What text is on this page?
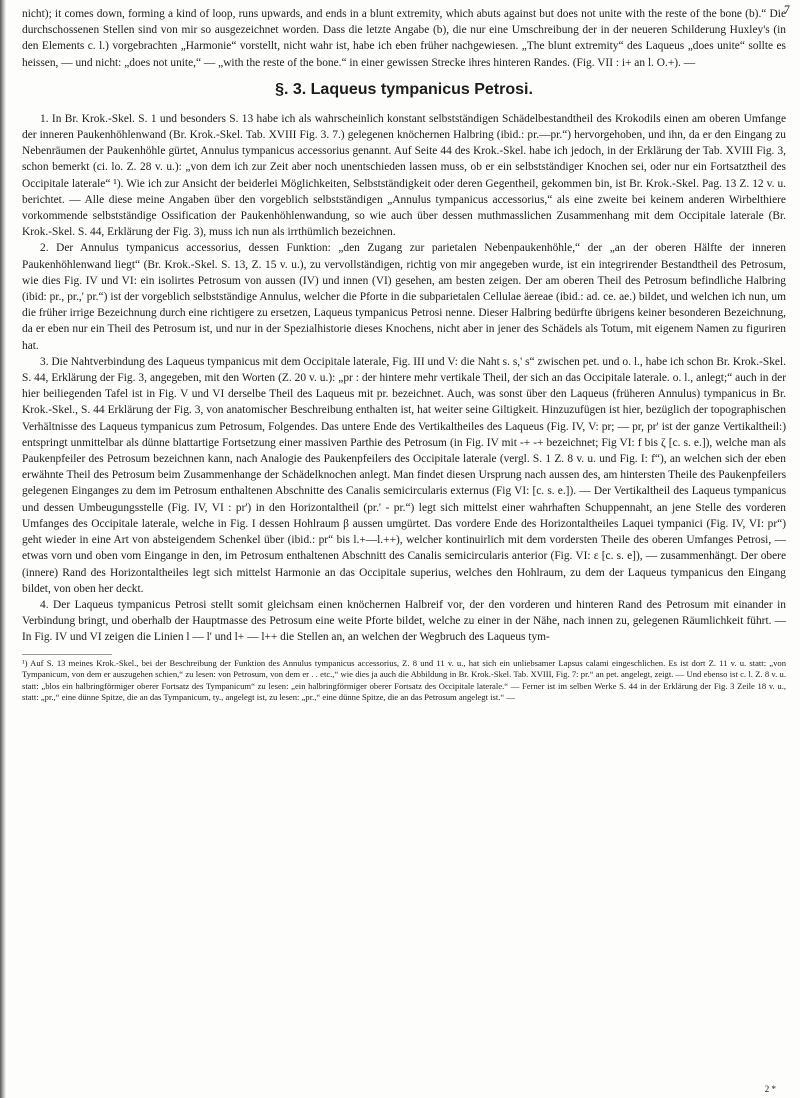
7

nicht); it comes down, forming a kind of loop, runs upwards, and ends in a blunt extremity, which abuts against but does not unite with the reste of the bone (b).“ Die durchschossenen Stellen sind von mir so ausgezeichnet worden. Dass die letzte Angabe (b), die nur eine Umschreibung der in der neueren Schilderung Huxley's (in den Elements c. l.) vorgebrachten „Harmonie“ vorstellt, nicht wahr ist, habe ich eben früher nachgewiesen. „The blunt extremity“ des Laqueus „does unite“ sollte es heissen, — und nicht: „does not unite,“ — „with the reste of the bone.“ in einer gewissen Strecke ihres hinteren Randes. (Fig. VII : i+ an l. O.+). —

§. 3. Laqueus tympanicus Petrosi.

1. In Br. Krok.-Skel. S. 1 und besonders S. 13 habe ich als wahrscheinlich konstant selbstständigen Schädelbestandtheil des Krokodils einen am oberen Umfange der inneren Paukenhöhlenwand (Br. Krok.-Skel. Tab. XVIII Fig. 3. 7.) gelegenen knöchernen Halbring (ibid.: pr.—pr.“) hervorgehoben, und ihn, da er den Eingang zu Nebenräumen der Paukenhöhle gürtet, Annulus tympanicus accessorius genannt. Auf Seite 44 des Krok.-Skel. habe ich jedoch, in der Erklärung der Tab. XVIII Fig. 3, schon bemerkt (ci. lo. Z. 28 v. u.): „von dem ich zur Zeit aber noch unentschieden lassen muss, ob er ein selbstständiger Knochen sei, oder nur ein Fortsatztheil des Occipitale laterale“ ¹). Wie ich zur Ansicht der beiderlei Möglichkeiten, Selbstständigkeit oder deren Gegentheil, gekommen bin, ist Br. Krok.-Skel. Pag. 13 Z. 12 v. u. berichtet. — Alle diese meine Angaben über den vorgeblich selbstständigen „Annulus tympanicus accessorius,“ als eine zweite bei keinem anderen Wirbelthiere vorkommende selbstständige Ossification der Paukenhöhlenwandung, so wie auch über dessen muthmasslichen Zusammenhang mit dem Occipitale laterale (Br. Krok.-Skel. S. 44, Erklärung der Fig. 3), muss ich nun als irrthümlich bezeichnen.

2. Der Annulus tympanicus accessorius, dessen Funktion: „den Zugang zur parietalen Nebenpaukenhöhle,“ der „an der oberen Hälfte der inneren Paukenhöhlenwand liegt“ (Br. Krok.-Skel. S. 13, Z. 15 v. u.), zu vervollständigen, richtig von mir angegeben wurde, ist ein integrirender Bestandtheil des Petrosum, wie dies Fig. IV und VI: ein isolirtes Petrosum von aussen (IV) und innen (VI) gesehen, am besten zeigen. Der am oberen Theil des Petrosum befindliche Halbring (ibid: pr., pr.,' pr.“) ist der vorgeblich selbstständige Annulus, welcher die Pforte in die subparietalen Cellulae äereae (ibid.: ad. ce. ae.) bildet, und welchen ich nun, um die früher irrige Bezeichnung durch eine richtigere zu ersetzen, Laqueus tympanicus Petrosi nenne. Dieser Halbring bedürfte übrigens keiner besonderen Bezeichnung, da er eben nur ein Theil des Petrosum ist, und nur in der Spezialhistorie dieses Knochens, nicht aber in jener des Schädels als Totum, mit eigenem Namen zu figuriren hat.

3. Die Nahtverbindung des Laqueus tympanicus mit dem Occipitale laterale, Fig. III und V: die Naht s. s,' s“ zwischen pet. und o. l., habe ich schon Br. Krok.-Skel. S. 44, Erklärung der Fig. 3, angegeben, mit den Worten (Z. 20 v. u.): „pr : der hintere mehr vertikale Theil, der sich an das Occipitale laterale. o. l., anlegt;“ auch in der hier beiliegenden Tafel ist in Fig. V und VI derselbe Theil des Laqueus mit pr. bezeichnet. Auch, was sonst über den Laqueus (früheren Annulus) tympanicus in Br. Krok.-Skel., S. 44 Erklärung der Fig. 3, von anatomischer Beschreibung enthalten ist, hat weiter seine Giltigkeit. Hinzuzufügen ist hier, bezüglich der topographischen Verhältnisse des Laqueus tympanicus zum Petrosum, Folgendes. Das untere Ende des Vertikaltheiles des Laqueus (Fig. IV, V: pr; — pr, pr' ist der ganze Vertikaltheil:) entspringt unmittelbar als dünne blattartige Fortsetzung einer massiven Parthie des Petrosum (in Fig. IV mit -+ -+ bezeichnet; Fig VI: f bis ζ [c. s. e.]), welche man als Paukenpfeiler des Petrosum bezeichnen kann, nach Analogie des Paukenpfeilers des Occipitale laterale (vergl. S. 1 Z. 8 v. u. und Fig. I: f“), an welchen sich der eben erwähnte Theil des Petrosum beim Zusammenhange der Schädelknochen anlegt. Man findet diesen Ursprung nach aussen des, am hintersten Theile des Paukenpfeilers gelegenen Einganges zu dem im Petrosum enthaltenen Abschnitte des Canalis semicircularis externus (Fig VI: [c. s. e.]). — Der Vertikaltheil des Laqueus tympanicus und dessen Umbeugungsstelle (Fig. IV, VI : pr') in den Horizontaltheil (pr.' - pr.“) legt sich mittelst einer wahrhaften Schuppennaht, an jene Stelle des vorderen Umfanges des Occipitale laterale, welche in Fig. I dessen Hohlraum β aussen umgürtet. Das vordere Ende des Horizontaltheiles Laquei tympanici (Fig. IV, VI: pr“) geht wieder in eine Art von absteigendem Schenkel über (ibid.: pr“ bis l.+—l.++), welcher kontinuirlich mit dem vordersten Theile des oberen Umfanges Petrosi, — etwas vorn und oben vom Eingange in den, im Petrosum enthaltenen Abschnitt des Canalis semicircularis anterior (Fig. VI: ε [c. s. e]), — zusammenhängt. Der obere (innere) Rand des Horizontaltheiles legt sich mittelst Harmonie an das Occipitale superius, welches den Hohlraum, zu dem der Laqueus tympanicus den Eingang bildet, von oben her deckt.

4. Der Laqueus tympanicus Petrosi stellt somit gleichsam einen knöchernen Halbreif vor, der den vorderen und hinteren Rand des Petrosum mit einander in Verbindung bringt, und oberhalb der Hauptmasse des Petrosum eine weite Pforte bildet, welche zu einer in der Nähe, nach innen zu, gelegenen Räumlichkeit führt. — In Fig. IV und VI zeigen die Linien l — l' und l+ — l++ die Stellen an, an welchen der Wegbruch des Laqueus tym-

¹) Auf S. 13 meines Krok.-Skel., bei der Beschreibung der Funktion des Annulus tympanicus accessorius, Z. 8 und 11 v. u., hat sich ein unliebsamer Lapsus calami eingeschlichen. Es ist dort Z. 11 v. u. statt: „von Tympanicum, von dem er auszugehen schien,“ zu lesen: von Petrosum, von dem er . . etc.,“ wie dies ja auch die Abbildung in Br. Krok.-Skel. Tab. XVIII, Fig. 7: pr.“ an pet. angelegt, zeigt. — Und ebenso ist c. l. Z. 8 v. u. statt: „blos ein halbringförmiger oberer Fortsatz des Tympanicum“ zu lesen: „ein halbringförmiger oberer Fortsatz des Occipitale laterale.“ — Ferner ist im selben Werke S. 44 in der Erklärung der Fig. 3 Zeile 18 v. u., statt: „pr.,“ eine dünne Spitze, die an das Tympanicum, ty., angelegt ist, zu lesen: „pr.,“ eine dünne Spitze, die an das Petrosum angelegt ist.“ —

2 *
